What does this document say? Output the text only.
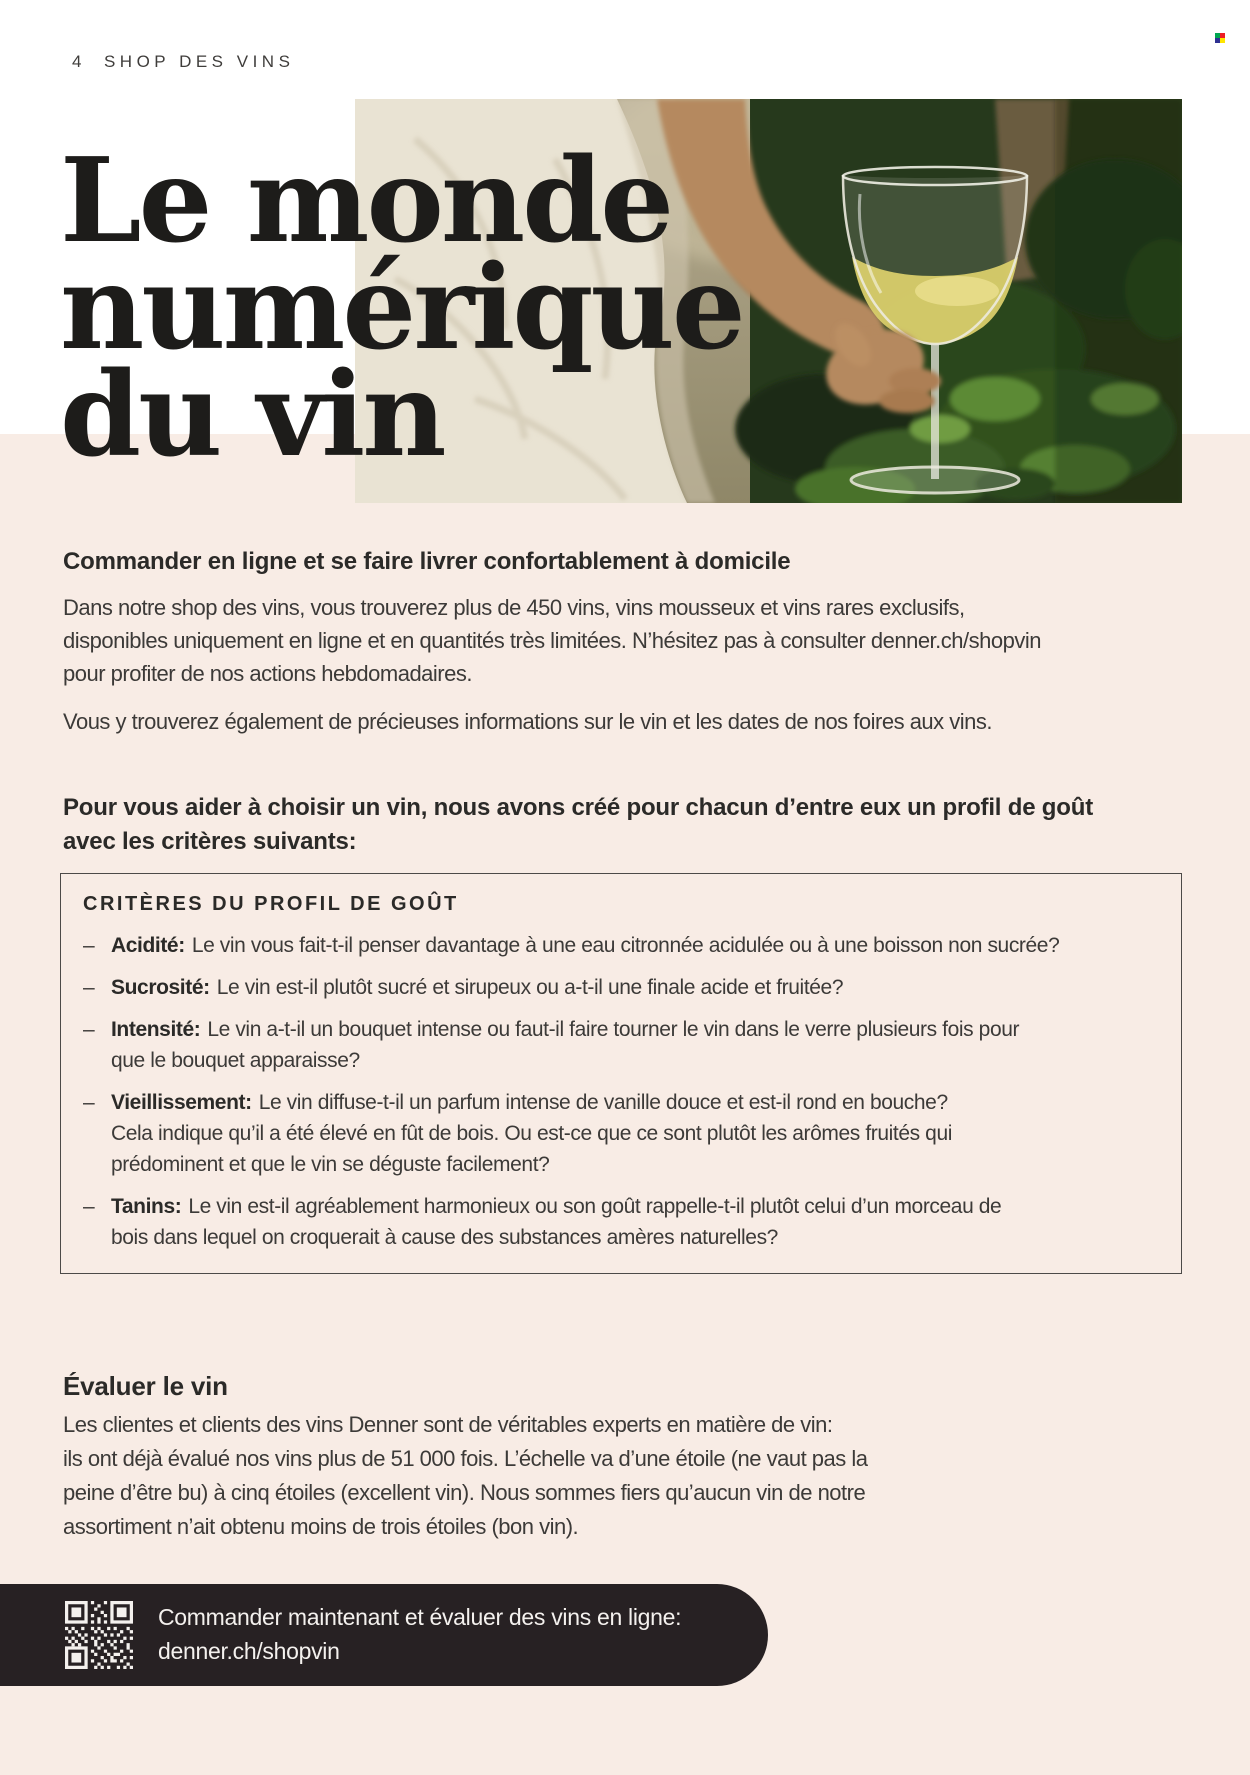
4 SHOP DES VINS
Le monde
numérique
du vin
Commander en ligne et se faire livrer confortablement à domicile
Dans notre shop des vins, vous trouverez plus de 450 vins, vins mousseux et vins rares exclusifs,
disponibles uniquement en ligne et en quantités très limitées. N’hésitez pas à consulter denner.ch/shopvin
pour profiter de nos actions hebdomadaires.
Vous y trouverez également de précieuses informations sur le vin et les dates de nos foires aux vins.
Pour vous aider à choisir un vin, nous avons créé pour chacun d’entre eux un profil de goût
avec les critères suivants:
CRITÈRES DU PROFIL DE GOÛT
– Acidité: Le vin vous fait-t-il penser davantage à une eau citronnée acidulée ou à une boisson non sucrée?
– Sucrosité: Le vin est-il plutôt sucré et sirupeux ou a-t-il une finale acide et fruitée?
– Intensité: Le vin a-t-il un bouquet intense ou faut-il faire tourner le vin dans le verre plusieurs fois pour
que le bouquet apparaisse?
– Vieillissement: Le vin diffuse-t-il un parfum intense de vanille douce et est-il rond en bouche?
Cela indique qu’il a été élevé en fût de bois. Ou est-ce que ce sont plutôt les arômes fruités qui
prédominent et que le vin se déguste facilement?
– Tanins: Le vin est-il agréablement harmonieux ou son goût rappelle-t-il plutôt celui d’un morceau de
bois dans lequel on croquerait à cause des substances amères naturelles?
Évaluer le vin
Les clientes et clients des vins Denner sont de véritables experts en matière de vin:
ils ont déjà évalué nos vins plus de 51 000 fois. L’échelle va d’une étoile (ne vaut pas la
peine d’être bu) à cinq étoiles (excellent vin). Nous sommes fiers qu’aucun vin de notre
assortiment n’ait obtenu moins de trois étoiles (bon vin).
Commander maintenant et évaluer des vins en ligne:
denner.ch/shopvin
